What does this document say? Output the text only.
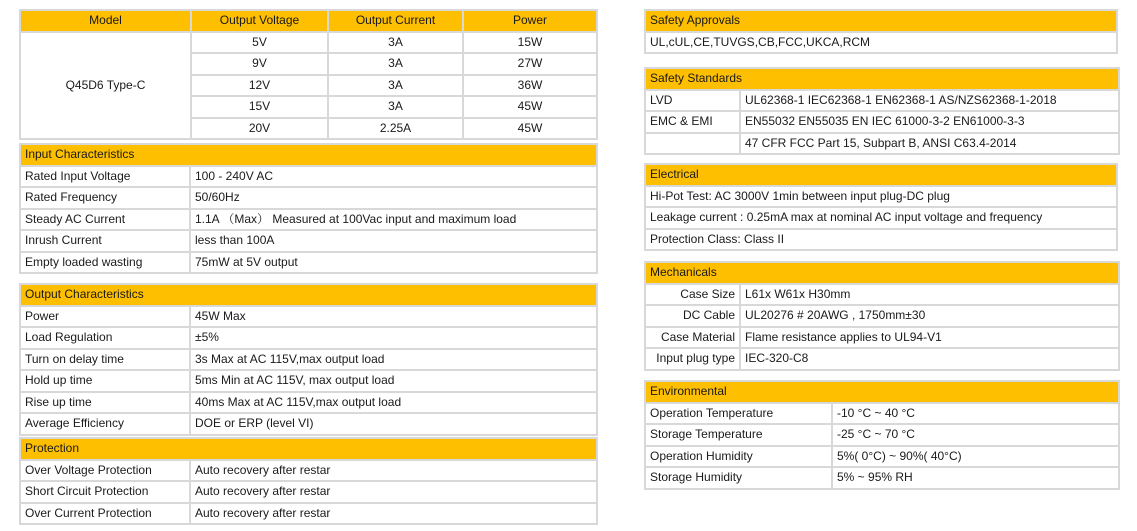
Model	Output Voltage	Output Current	Power
Q45D6 Type-C	5V	3A	15W
	9V	3A	27W
	12V	3A	36W
	15V	3A	45W
	20V	2.25A	45W
Input Characteristics	
Rated Input Voltage	100 - 240V AC
Rated Frequency	50/60Hz
Steady AC Current	1.1A （Max） Measured at 100Vac input and maximum load
Inrush Current	less than 100A
Empty loaded wasting	75mW at 5V output
Output Characteristics	
Power	45W Max
Load Regulation	±5%
Turn on delay time	3s Max at AC 115V,max output load
Hold up time	5ms Min at AC 115V, max output load
Rise up time	40ms Max at AC 115V,max output load
Average Efficiency	DOE or ERP (level VI)
Protection	
Over Voltage Protection	Auto recovery after restar
Short Circuit Protection	Auto recovery after restar
Over Current Protection	Auto recovery after restar
Safety Approvals
UL,cUL,CE,TUVGS,CB,FCC,UKCA,RCM
Safety Standards	
LVD	UL62368-1 IEC62368-1 EN62368-1 AS/NZS62368-1-2018
EMC & EMI	EN55032 EN55035 EN IEC 61000-3-2 EN61000-3-3
	47 CFR FCC Part 15, Subpart B, ANSI C63.4-2014
Electrical
Hi-Pot Test: AC 3000V 1min between input plug-DC plug
Leakage current : 0.25mA max at nominal AC input voltage and frequency
Protection Class: Class II
Mechanicals	
Case Size	L61x W61x H30mm
DC Cable	UL20276 # 20AWG , 1750mm±30
Case Material	Flame resistance applies to UL94-V1
Input plug type	IEC-320-C8
Environmental	
Operation Temperature	-10 °C ~ 40 °C
Storage Temperature	-25 °C ~ 70 °C
Operation Humidity	5%( 0°C) ~ 90%( 40°C)
Storage Humidity	5% ~ 95% RH
